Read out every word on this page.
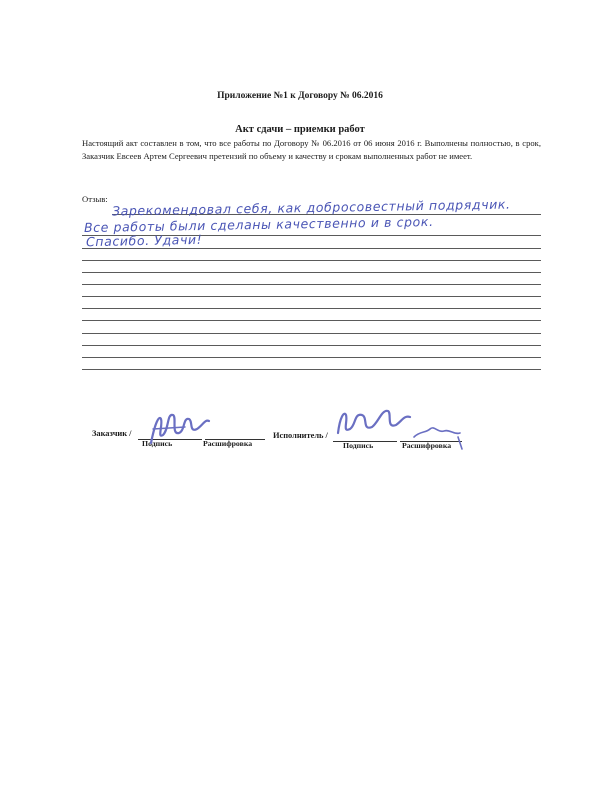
Приложение №1 к Договору № 06.2016
Акт сдачи – приемки работ
Настоящий акт составлен в том, что все работы по Договору № 06.2016 от 06 июня 2016 г. Выполнены полностью, в срок, Заказчик Евсеев Артем Сергеевич претензий по объему и качеству и срокам выполненных работ не имеет.
Отзыв: Зарекомендовал себя, как добросовестный подрядчик.
Все работы были сделаны качественно и в срок.
Спасибо. Удачи!
Заказчик /
Подпись	Расшифровка
Исполнитель /
Подпись	Расшифровка
